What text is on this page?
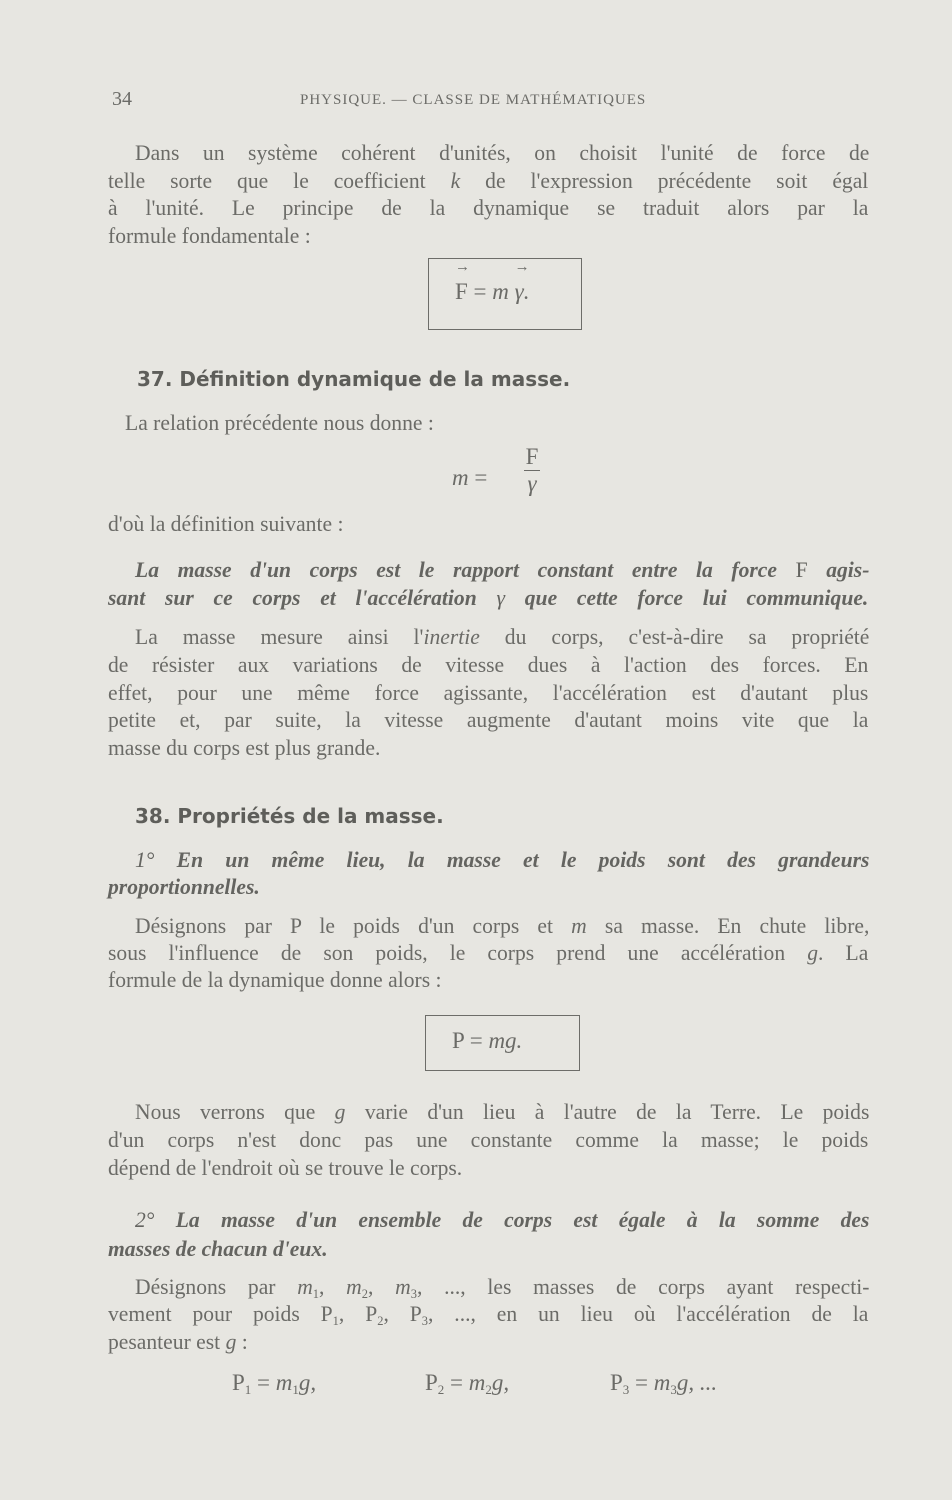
34	PHYSIQUE. — CLASSE DE MATHÉMATIQUES
Dans un système cohérent d'unités, on choisit l'unité de force de
telle sorte que le coefficient k de l'expression précédente soit égal
à l'unité. Le principe de la dynamique se traduit alors par la
formule fondamentale :
→ F = m → γ.
37. Définition dynamique de la masse.
La relation précédente nous donne :
m =
F
γ
d'où la définition suivante :
La masse d'un corps est le rapport constant entre la force F agis-
sant sur ce corps et l'accélération γ que cette force lui communique.
La masse mesure ainsi l'inertie du corps, c'est-à-dire sa propriété
de résister aux variations de vitesse dues à l'action des forces. En
effet, pour une même force agissante, l'accélération est d'autant plus
petite et, par suite, la vitesse augmente d'autant moins vite que la
masse du corps est plus grande.
38. Propriétés de la masse.
1° En un même lieu, la masse et le poids sont des grandeurs
proportionnelles.
Désignons par P le poids d'un corps et m sa masse. En chute libre,
sous l'influence de son poids, le corps prend une accélération g. La
formule de la dynamique donne alors :
P = mg.
Nous verrons que g varie d'un lieu à l'autre de la Terre. Le poids
d'un corps n'est donc pas une constante comme la masse; le poids
dépend de l'endroit où se trouve le corps.
2° La masse d'un ensemble de corps est égale à la somme des
masses de chacun d'eux.
Désignons par $m_1$, $m_2$, $m_3$, ..., les masses de corps ayant respecti-
vement pour poids $P_1$, $P_2$, $P_3$, ..., en un lieu où l'accélération de la
pesanteur est g :
$P_1 = m_1g$,	$P_2 = m_2g$,	$P_3 = m_3g$, ...
